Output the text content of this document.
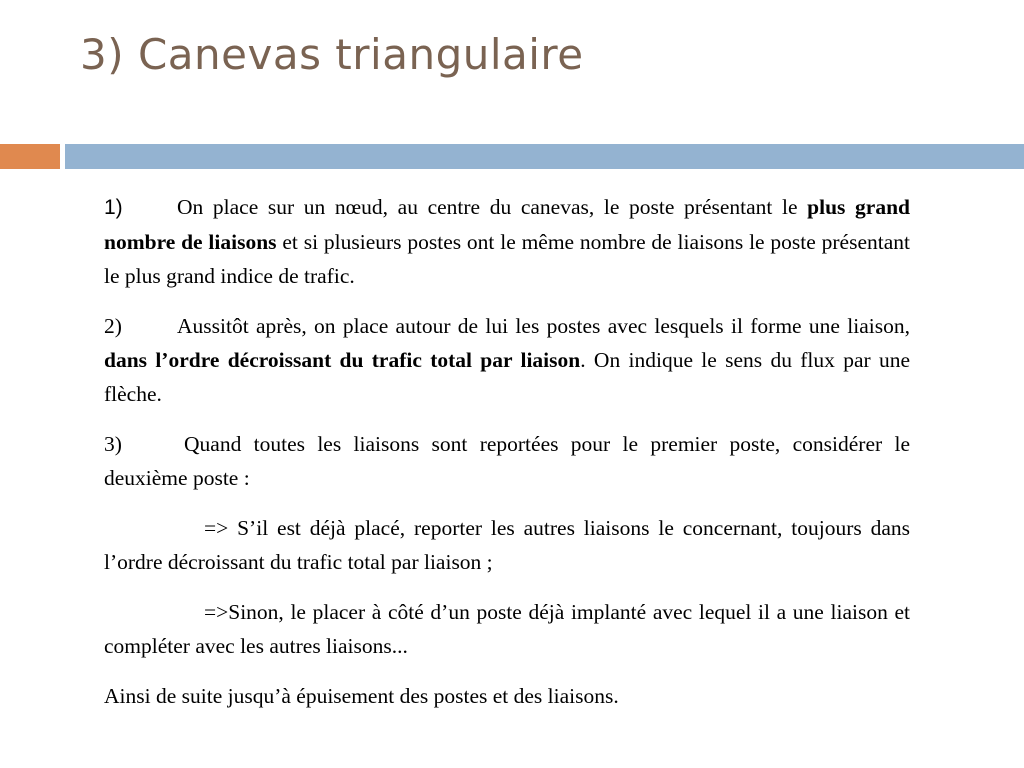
3) Canevas triangulaire

1)	On place sur un nœud, au centre du canevas, le poste présentant le plus grand nombre de liaisons et si plusieurs postes ont le même nombre de liaisons le poste présentant le plus grand indice de trafic.

2)	Aussitôt après, on place autour de lui les postes avec lesquels il forme une liaison, dans l’ordre décroissant du trafic total par liaison. On indique le sens du flux par une flèche.

3)	Quand toutes les liaisons sont reportées pour le premier poste, considérer le deuxième poste :

=> S’il est déjà placé, reporter les autres liaisons le concernant, toujours dans l’ordre décroissant du trafic total par liaison ;

=>Sinon, le placer à côté d’un poste déjà implanté avec lequel il a une liaison et compléter avec les autres liaisons...

Ainsi de suite jusqu’à épuisement des postes et des liaisons.
